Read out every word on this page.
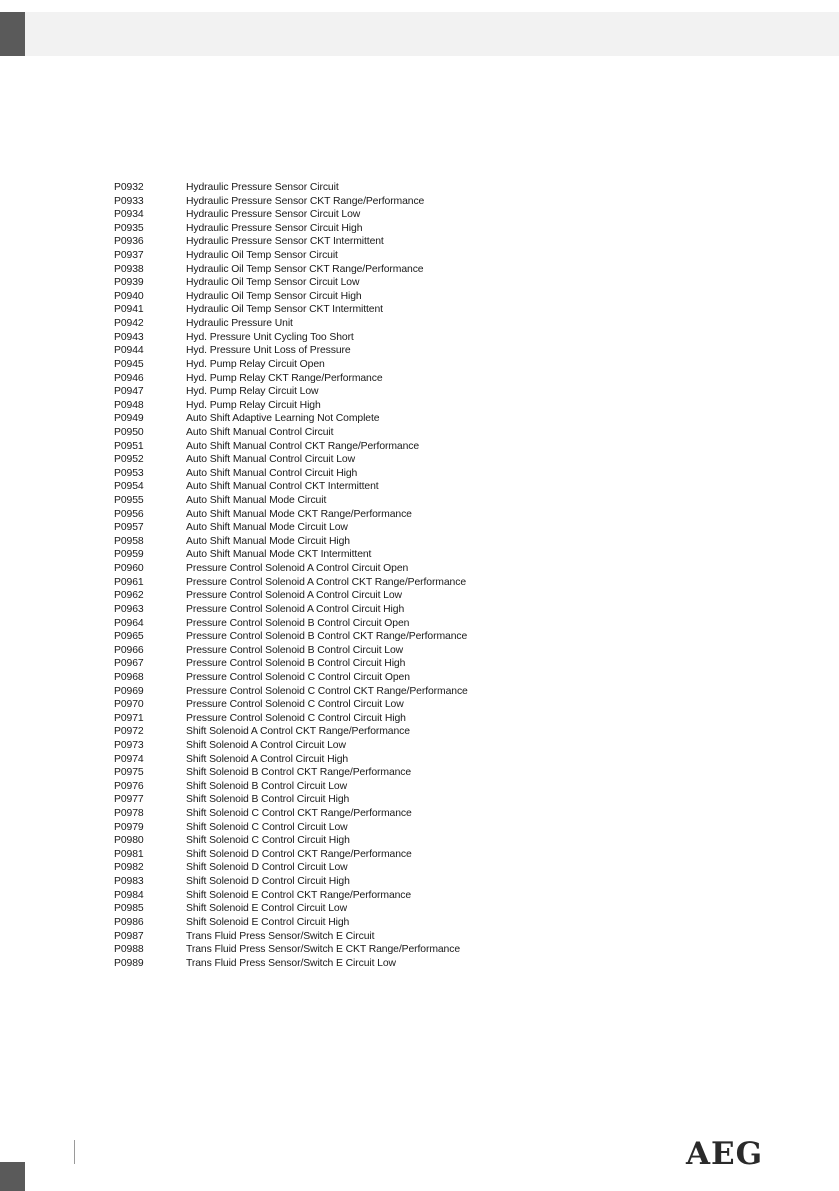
P0932	Hydraulic Pressure Sensor Circuit
P0933	Hydraulic Pressure Sensor CKT Range/Performance
P0934	Hydraulic Pressure Sensor Circuit Low
P0935	Hydraulic Pressure Sensor Circuit High
P0936	Hydraulic Pressure Sensor CKT Intermittent
P0937	Hydraulic Oil Temp Sensor Circuit
P0938	Hydraulic Oil Temp Sensor CKT Range/Performance
P0939	Hydraulic Oil Temp Sensor Circuit Low
P0940	Hydraulic Oil Temp Sensor Circuit High
P0941	Hydraulic Oil Temp Sensor CKT Intermittent
P0942	Hydraulic Pressure Unit
P0943	Hyd. Pressure Unit Cycling Too Short
P0944	Hyd. Pressure Unit Loss of Pressure
P0945	Hyd. Pump Relay Circuit Open
P0946	Hyd. Pump Relay CKT Range/Performance
P0947	Hyd. Pump Relay Circuit Low
P0948	Hyd. Pump Relay Circuit High
P0949	Auto Shift Adaptive Learning Not Complete
P0950	Auto Shift Manual Control Circuit
P0951	Auto Shift Manual Control CKT Range/Performance
P0952	Auto Shift Manual Control Circuit Low
P0953	Auto Shift Manual Control Circuit High
P0954	Auto Shift Manual Control CKT Intermittent
P0955	Auto Shift Manual Mode Circuit
P0956	Auto Shift Manual Mode CKT Range/Performance
P0957	Auto Shift Manual Mode Circuit Low
P0958	Auto Shift Manual Mode Circuit High
P0959	Auto Shift Manual Mode CKT Intermittent
P0960	Pressure Control Solenoid A Control Circuit Open
P0961	Pressure Control Solenoid A Control CKT Range/Performance
P0962	Pressure Control Solenoid A Control Circuit Low
P0963	Pressure Control Solenoid A Control Circuit High
P0964	Pressure Control Solenoid B Control Circuit Open
P0965	Pressure Control Solenoid B Control CKT Range/Performance
P0966	Pressure Control Solenoid B Control Circuit Low
P0967	Pressure Control Solenoid B Control Circuit High
P0968	Pressure Control Solenoid C Control Circuit Open
P0969	Pressure Control Solenoid C Control CKT Range/Performance
P0970	Pressure Control Solenoid C Control Circuit Low
P0971	Pressure Control Solenoid C Control Circuit High
P0972	Shift Solenoid A Control CKT Range/Performance
P0973	Shift Solenoid A Control Circuit Low
P0974	Shift Solenoid A Control Circuit High
P0975	Shift Solenoid B Control CKT Range/Performance
P0976	Shift Solenoid B Control Circuit Low
P0977	Shift Solenoid B Control Circuit High
P0978	Shift Solenoid C Control CKT Range/Performance
P0979	Shift Solenoid C Control Circuit Low
P0980	Shift Solenoid C Control Circuit High
P0981	Shift Solenoid D Control CKT Range/Performance
P0982	Shift Solenoid D Control Circuit Low
P0983	Shift Solenoid D Control Circuit High
P0984	Shift Solenoid E Control CKT Range/Performance
P0985	Shift Solenoid E Control Circuit Low
P0986	Shift Solenoid E Control Circuit High
P0987	Trans Fluid Press Sensor/Switch E Circuit
P0988	Trans Fluid Press Sensor/Switch E CKT Range/Performance
P0989	Trans Fluid Press Sensor/Switch E Circuit Low
AEG
